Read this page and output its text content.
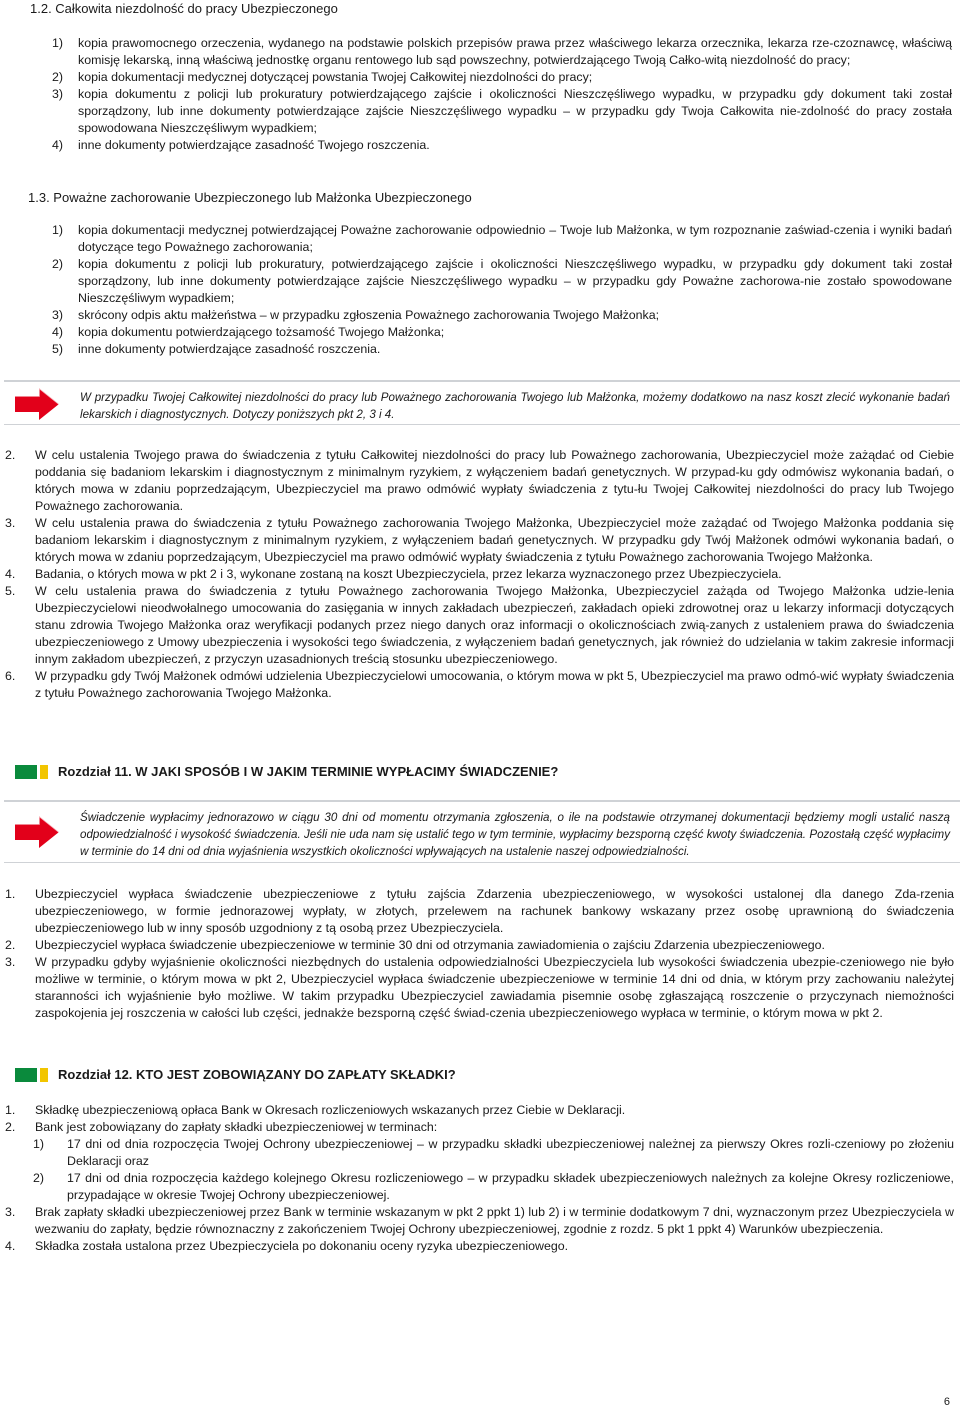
1.2. Całkowita niezdolność do pracy Ubezpieczonego
1) kopia prawomocnego orzeczenia, wydanego na podstawie polskich przepisów prawa przez właściwego lekarza orzecznika, lekarza rze-czoznawcę, właściwą komisję lekarską, inną właściwą jednostkę organu rentowego lub sąd powszechny, potwierdzającego Twoją Całko-witą niezdolność do pracy;
2) kopia dokumentacji medycznej dotyczącej powstania Twojej Całkowitej niezdolności do pracy;
3) kopia dokumentu z policji lub prokuratury potwierdzającego zajście i okoliczności Nieszczęśliwego wypadku, w przypadku gdy dokument taki został sporządzony, lub inne dokumenty potwierdzające zajście Nieszczęśliwego wypadku – w przypadku gdy Twoja Całkowita nie-zdolność do pracy została spowodowana Nieszczęśliwym wypadkiem;
4) inne dokumenty potwierdzające zasadność Twojego roszczenia.
1.3. Poważne zachorowanie Ubezpieczonego lub Małżonka Ubezpieczonego
1) kopia dokumentacji medycznej potwierdzającej Poważne zachorowanie odpowiednio – Twoje lub Małżonka, w tym rozpoznanie zaświad-czenia i wyniki badań dotyczące tego Poważnego zachorowania;
2) kopia dokumentu z policji lub prokuratury, potwierdzającego zajście i okoliczności Nieszczęśliwego wypadku, w przypadku gdy dokument taki został sporządzony, lub inne dokumenty potwierdzające zajście Nieszczęśliwego wypadku – w przypadku gdy Poważne zachorowa-nie zostało spowodowane Nieszczęśliwym wypadkiem;
3) skrócony odpis aktu małżeństwa – w przypadku zgłoszenia Poważnego zachorowania Twojego Małżonka;
4) kopia dokumentu potwierdzającego tożsamość Twojego Małżonka;
5) inne dokumenty potwierdzające zasadność roszczenia.
W przypadku Twojej Całkowitej niezdolności do pracy lub Poważnego zachorowania Twojego lub Małżonka, możemy dodatkowo na nasz koszt zlecić wykonanie badań lekarskich i diagnostycznych. Dotyczy poniższych pkt 2, 3 i 4.
2. W celu ustalenia Twojego prawa do świadczenia z tytułu Całkowitej niezdolności do pracy lub Poważnego zachorowania, Ubezpieczyciel może zażądać od Ciebie poddania się badaniom lekarskim i diagnostycznym z minimalnym ryzykiem, z wyłączeniem badań genetycznych. W przypad-ku gdy odmówisz wykonania badań, o których mowa w zdaniu poprzedzającym, Ubezpieczyciel ma prawo odmówić wypłaty świadczenia z tytu-łu Twojej Całkowitej niezdolności do pracy lub Twojego Poważnego zachorowania.
3. W celu ustalenia prawa do świadczenia z tytułu Poważnego zachorowania Twojego Małżonka, Ubezpieczyciel może zażądać od Twojego Małżonka poddania się badaniom lekarskim i diagnostycznym z minimalnym ryzykiem, z wyłączeniem badań genetycznych. W przypadku gdy Twój Małżonek odmówi wykonania badań, o których mowa w zdaniu poprzedzającym, Ubezpieczyciel ma prawo odmówić wypłaty świadczenia z tytułu Poważnego zachorowania Twojego Małżonka.
4. Badania, o których mowa w pkt 2 i 3, wykonane zostaną na koszt Ubezpieczyciela, przez lekarza wyznaczonego przez Ubezpieczyciela.
5. W celu ustalenia prawa do świadczenia z tytułu Poważnego zachorowania Twojego Małżonka, Ubezpieczyciel zażąda od Twojego Małżonka udzie-lenia Ubezpieczycielowi nieodwołalnego umocowania do zasięgania w innych zakładach ubezpieczeń, zakładach opieki zdrowotnej oraz u lekarzy informacji dotyczących stanu zdrowia Twojego Małżonka oraz weryfikacji podanych przez niego danych oraz informacji o okolicznościach zwią-zanych z ustaleniem prawa do świadczenia ubezpieczeniowego z Umowy ubezpieczenia i wysokości tego świadczenia, z wyłączeniem badań genetycznych, jak również do udzielania w takim zakresie informacji innym zakładom ubezpieczeń, z przyczyn uzasadnionych treścią stosunku ubezpieczeniowego.
6. W przypadku gdy Twój Małżonek odmówi udzielenia Ubezpieczycielowi umocowania, o którym mowa w pkt 5, Ubezpieczyciel ma prawo odmó-wić wypłaty świadczenia z tytułu Poważnego zachorowania Twojego Małżonka.
Rozdział 11. W JAKI SPOSÓB I W JAKIM TERMINIE WYPŁACIMY ŚWIADCZENIE?
Świadczenie wypłacimy jednorazowo w ciągu 30 dni od momentu otrzymania zgłoszenia, o ile na podstawie otrzymanej dokumentacji będziemy mogli ustalić naszą odpowiedzialność i wysokość świadczenia. Jeśli nie uda nam się ustalić tego w tym terminie, wypłacimy bezsporną część kwoty świadczenia. Pozostałą część wypłacimy w terminie do 14 dni od dnia wyjaśnienia wszystkich okoliczności wpływających na ustalenie naszej odpowiedzialności.
1. Ubezpieczyciel wypłaca świadczenie ubezpieczeniowe z tytułu zajścia Zdarzenia ubezpieczeniowego, w wysokości ustalonej dla danego Zda-rzenia ubezpieczeniowego, w formie jednorazowej wypłaty, w złotych, przelewem na rachunek bankowy wskazany przez osobę uprawnioną do świadczenia ubezpieczeniowego lub w inny sposób uzgodniony z tą osobą przez Ubezpieczyciela.
2. Ubezpieczyciel wypłaca świadczenie ubezpieczeniowe w terminie 30 dni od otrzymania zawiadomienia o zajściu Zdarzenia ubezpieczeniowego.
3. W przypadku gdyby wyjaśnienie okoliczności niezbędnych do ustalenia odpowiedzialności Ubezpieczyciela lub wysokości świadczenia ubezpie-czeniowego nie było możliwe w terminie, o którym mowa w pkt 2, Ubezpieczyciel wypłaca świadczenie ubezpieczeniowe w terminie 14 dni od dnia, w którym przy zachowaniu należytej staranności ich wyjaśnienie było możliwe. W takim przypadku Ubezpieczyciel zawiadamia pisemnie osobę zgłaszającą roszczenie o przyczynach niemożności zaspokojenia jej roszczenia w całości lub części, jednakże bezsporną część świad-czenia ubezpieczeniowego wypłaca w terminie, o którym mowa w pkt 2.
Rozdział 12. KTO JEST ZOBOWIĄZANY DO ZAPŁATY SKŁADKI?
1. Składkę ubezpieczeniową opłaca Bank w Okresach rozliczeniowych wskazanych przez Ciebie w Deklaracji.
2. Bank jest zobowiązany do zapłaty składki ubezpieczeniowej w terminach:
1) 17 dni od dnia rozpoczęcia Twojej Ochrony ubezpieczeniowej – w przypadku składki ubezpieczeniowej należnej za pierwszy Okres rozli-czeniowy po złożeniu Deklaracji oraz
2) 17 dni od dnia rozpoczęcia każdego kolejnego Okresu rozliczeniowego – w przypadku składek ubezpieczeniowych należnych za kolejne Okresy rozliczeniowe, przypadające w okresie Twojej Ochrony ubezpieczeniowej.
3. Brak zapłaty składki ubezpieczeniowej przez Bank w terminie wskazanym w pkt 2 ppkt 1) lub 2) i w terminie dodatkowym 7 dni, wyznaczonym przez Ubezpieczyciela w wezwaniu do zapłaty, będzie równoznaczny z zakończeniem Twojej Ochrony ubezpieczeniowej, zgodnie z rozdz. 5 pkt 1 ppkt 4) Warunków ubezpieczenia.
4. Składka została ustalona przez Ubezpieczyciela po dokonaniu oceny ryzyka ubezpieczeniowego.
6
